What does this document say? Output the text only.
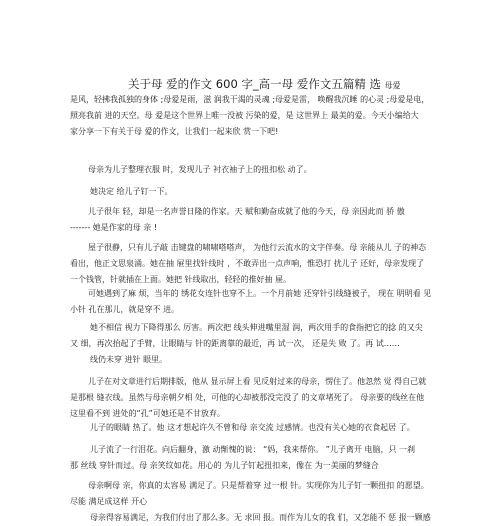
关于母 爱的作文 600 字_高一母 爱作文五篇精 选 母爱
是风，轻拂我孤独的身体 ;母爱是雨，滋 润我干渴的灵魂 ;母爱是雷， 唤醒我沉睡 的心灵 ;母爱是电，
照亮我前 进的天空。母 爱是这个世界上唯一没被 污染的爱，是 这世界上 最美的爱。今天小编给大
家分享一下有关于母 爱的作文，让我们一起来欣 赏一下吧!
母亲为儿子整理衣服 时，发现儿子 衬衣袖子上的扭扣松 动了。
她决定 给儿子钉一下。
儿子很年 轻，却是一名声誉日隆的作家。天 赋和勤奋成就了他的今天，母 亲因此而 骄 傲
------- 她是作家的母 亲 !
屋子很静，只有儿子敲 击键盘的啸啸嗒嗒声， 为他行云流水的文字伴奏。母 亲能从儿 子的神态
看出，他正文思泉涌。她在抽 屉里找针线时 ，不敢弄出一点声响，惟恐打 扰儿子 还好，母亲发现了
一个钱管，针就插在上面。她把 针线取出，轻轻的推好抽 屉。
可她遇到了麻 烦，当年的 绣花女连针也穿不上。一个月前她 还穿针引线缝被子， 现在 明明看 见
小针 孔在那儿，就是穿不 进。
她不相信 视力下降得那么 厉害。两次把 线头伸进嘴里湿 润，两次用手的食指把它的捻 的又尖
又 细，再次抬起了手臂，让眼睛与 针的距离靠的最近，再 试一次， 还是失 败 了。再 试……
线仍未穿 进针 眼里。
儿子在对文章进行后期排版，他从 显示屏上看 见反射过来的母亲，愣住了。他忽然 觉 得自己就
是那根 缝衣线。虽然与母亲朝夕相 处，可他的心却被那没完没了 的文章堵死了。 母亲要的线丝在他
这里看不到 进处的“孔”可她还是不甘放弃。
儿子的眼睛 热了。他 这才想起许久不曾和母 亲交流 过感情。也没有关心她的衣食起居 了。
儿子流了一行泪花。向后翻身，激 动惭愧的说： “妈，我来帮你。 ”儿子离开 电脑，只 一刹
那 丝线 穿针而过。母 亲笑纹如花。用心的 为儿子钉起扭扣来，像在 为一美丽的梦缝合
母亲啊母 亲，你真的太容易 满足了。只是帮着穿 过一根 针。实现你为儿子钉一颗扭扣 的愿望。
尽能 满足成这样 开心
母亲得容易满足，为我们付出了那么多。无 求回 报。而作为儿女的我 们，又怎能不 惩 报一颗感
